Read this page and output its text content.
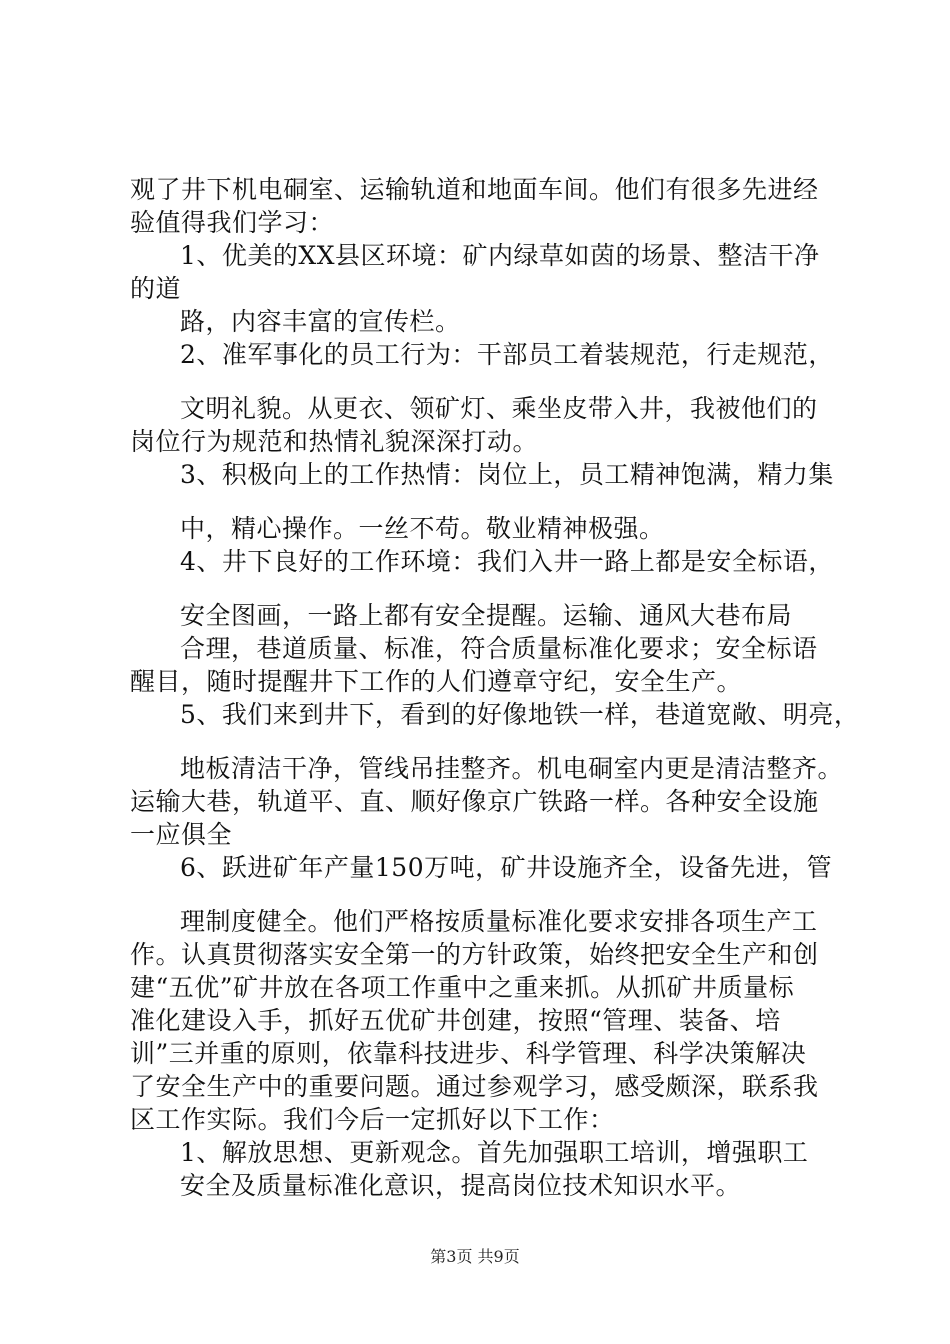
观了井下机电硐室、运输轨道和地面车间。他们有很多先进经
验值得我们学习：
1、优美的XX县区环境：矿内绿草如茵的场景、整洁干净
的道
路，内容丰富的宣传栏。
2、准军事化的员工行为：干部员工着装规范，行走规范，
文明礼貌。从更衣、领矿灯、乘坐皮带入井，我被他们的
岗位行为规范和热情礼貌深深打动。
3、积极向上的工作热情：岗位上，员工精神饱满，精力集
中，精心操作。一丝不苟。敬业精神极强。
4、井下良好的工作环境：我们入井一路上都是安全标语，
安全图画，一路上都有安全提醒。运输、通风大巷布局
合理，巷道质量、标准，符合质量标准化要求；安全标语
醒目，随时提醒井下工作的人们遵章守纪，安全生产。
5、我们来到井下，看到的好像地铁一样，巷道宽敞、明亮，
地板清洁干净，管线吊挂整齐。机电硐室内更是清洁整齐。
运输大巷，轨道平、直、顺好像京广铁路一样。各种安全设施
一应俱全
6、跃进矿年产量150万吨，矿井设施齐全，设备先进，管
理制度健全。他们严格按质量标准化要求安排各项生产工
作。认真贯彻落实安全第一的方针政策，始终把安全生产和创
建“五优”矿井放在各项工作重中之重来抓。从抓矿井质量标
准化建设入手，抓好五优矿井创建，按照“管理、装备、培
训”三并重的原则，依靠科技进步、科学管理、科学决策解决
了安全生产中的重要问题。通过参观学习，感受颇深，联系我
区工作实际。我们今后一定抓好以下工作：
1、解放思想、更新观念。首先加强职工培训，增强职工
安全及质量标准化意识，提高岗位技术知识水平。
第3页 共9页
